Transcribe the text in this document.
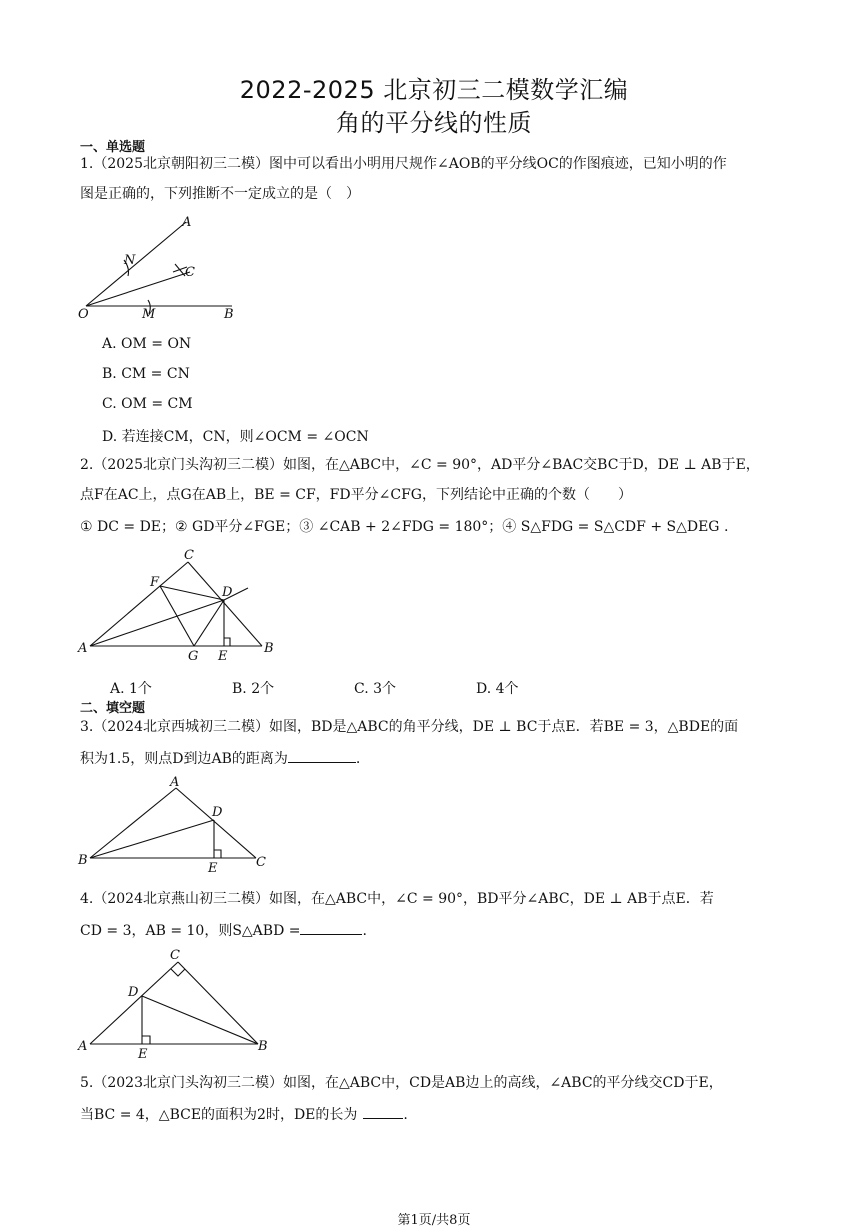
2022-2025 北京初三二模数学汇编
角的平分线的性质
一、单选题
1.（2025北京朝阳初三二模）图中可以看出小明用尺规作∠AOB的平分线OC的作图痕迹，已知小明的作
图是正确的，下列推断不一定成立的是（　）
A
N
C
O	M	B
A. OM = ON
B. CM = CN
C. OM = CM
D. 若连接CM，CN，则∠OCM = ∠OCN
2.（2025北京门头沟初三二模）如图，在△ABC中，∠C = 90°，AD平分∠BAC交BC于D，DE ⊥ AB于E，
点F在AC上，点G在AB上，BE = CF，FD平分∠CFG，下列结论中正确的个数（　　）
① DC = DE；② GD平分∠FGE；③ ∠CAB + 2∠FDG = 180°；④ S△FDG = S△CDF + S△DEG .
C
F
D
A
G E
B
A. 1个	B. 2个	C. 3个	D. 4个
二、填空题
3.（2024北京西城初三二模）如图，BD是△ABC的角平分线，DE ⊥ BC于点E．若BE = 3，△BDE的面
积为1.5，则点D到边AB的距离为	.
A
D
B
E	C
4.（2024北京燕山初三二模）如图，在△ABC中，∠C = 90°，BD平分∠ABC，DE ⊥ AB于点E．若
CD = 3，AB = 10，则S△ABD =	.
C
D
A
E
B
5.（2023北京门头沟初三二模）如图，在△ABC中，CD是AB边上的高线，∠ABC的平分线交CD于E，
当BC = 4，△BCE的面积为2时，DE的长为	.
第1页/共8页
